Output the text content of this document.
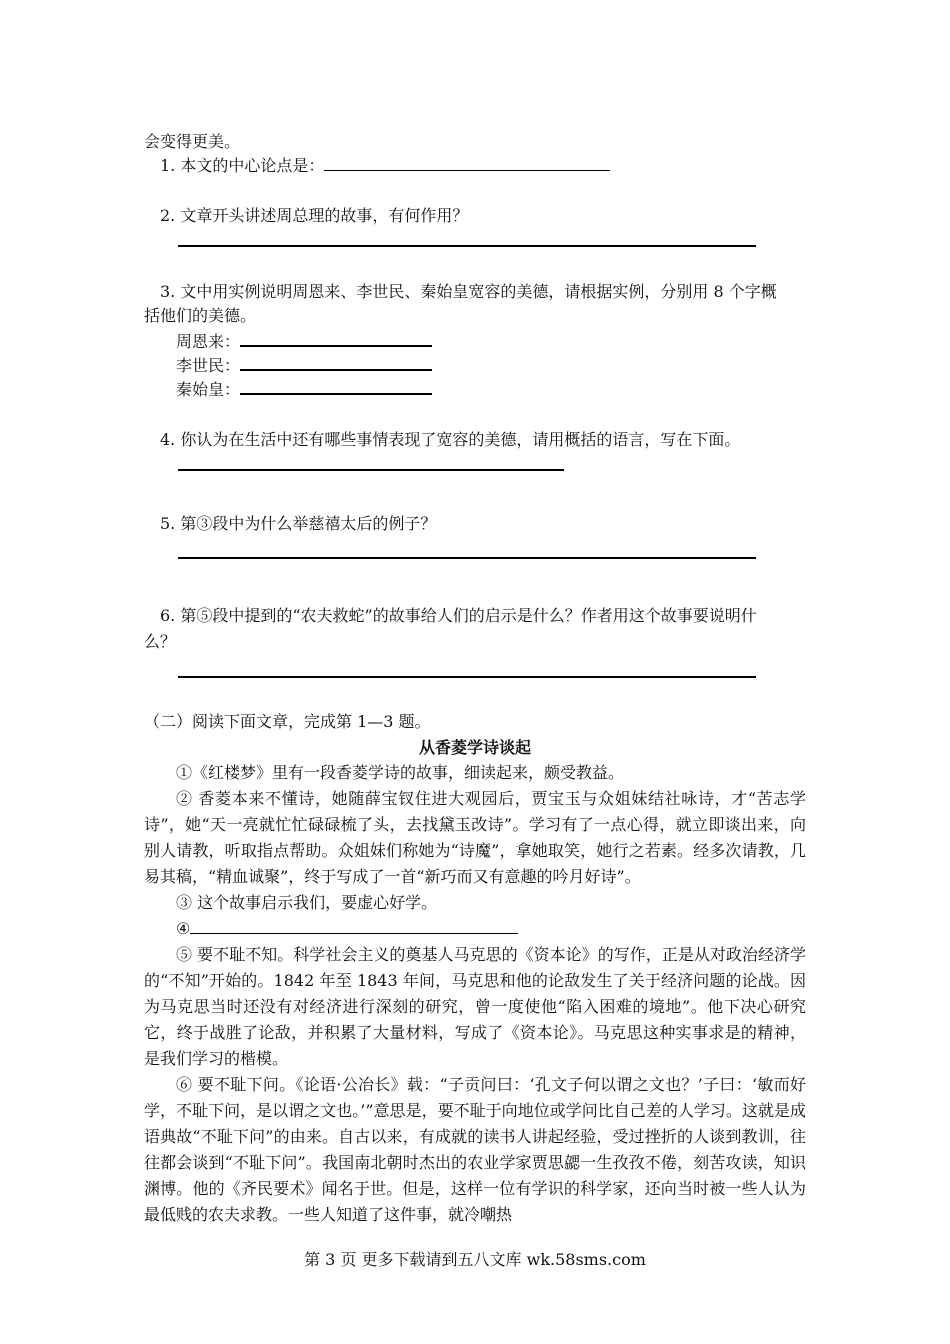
会变得更美。
1. 本文的中心论点是：
2. 文章开头讲述周总理的故事，有何作用？
3. 文中用实例说明周恩来、李世民、秦始皇宽容的美德，请根据实例，分别用 8 个字概
括他们的美德。
周恩来：
李世民：
秦始皇：
4. 你认为在生活中还有哪些事情表现了宽容的美德，请用概括的语言，写在下面。
5. 第③段中为什么举慈禧太后的例子？
6. 第⑤段中提到的“农夫救蛇”的故事给人们的启示是什么？作者用这个故事要说明什
么？
（二）阅读下面文章，完成第 1—3 题。
从香菱学诗谈起
①《红楼梦》里有一段香菱学诗的故事，细读起来，颇受教益。
② 香菱本来不懂诗，她随薛宝钗住进大观园后，贾宝玉与众姐妹结社咏诗，才“苦志学诗”，她“天一亮就忙忙碌碌梳了头，去找黛玉改诗”。学习有了一点心得，就立即谈出来，向别人请教，听取指点帮助。众姐妹们称她为“诗魔”，拿她取笑，她行之若素。经多次请教，几易其稿，“精血诚聚”，终于写成了一首“新巧而又有意趣的吟月好诗”。
③ 这个故事启示我们，要虚心好学。
④
⑤ 要不耻不知。科学社会主义的奠基人马克思的《资本论》的写作，正是从对政治经济学的“不知”开始的。1842 年至 1843 年间，马克思和他的论敌发生了关于经济问题的论战。因为马克思当时还没有对经济进行深刻的研究，曾一度使他“陷入困难的境地”。他下决心研究它，终于战胜了论敌，并积累了大量材料，写成了《资本论》。马克思这种实事求是的精神，是我们学习的楷模。
⑥ 要不耻下问。《论语·公冶长》载：“子贡问曰：‘孔文子何以谓之文也？’子曰：‘敏而好学，不耻下问，是以谓之文也。’”意思是，要不耻于向地位或学问比自己差的人学习。这就是成语典故“不耻下问”的由来。自古以来，有成就的读书人讲起经验，受过挫折的人谈到教训，往往都会谈到“不耻下问”。我国南北朝时杰出的农业学家贾思勰一生孜孜不倦，刻苦攻读，知识渊博。他的《齐民要术》闻名于世。但是，这样一位有学识的科学家，还向当时被一些人认为最低贱的农夫求教。一些人知道了这件事，就冷嘲热
第 3 页 更多下载请到五八文库 wk.58sms.com
